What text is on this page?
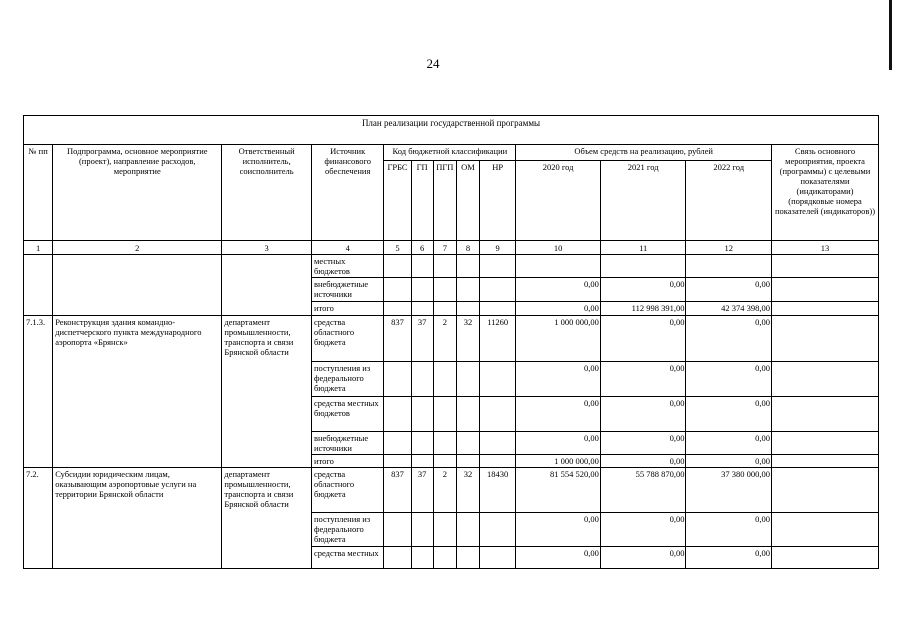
24
План реализации государственной программы												
№ пп	Подпрограмма, основное мероприятие (проект), направление расходов, мероприятие	Ответственный исполнитель, соисполнитель	Источник финансового обеспечения	Код бюджетной классификации					Объем средств на реализацию, рублей			Связь основного мероприятия, проекта (программы) с целевыми показателями (индикаторами) (порядковые номера показателей (индикаторов))
				ГРБС	ГП	ПГП	ОМ	НР	2020 год	2021 год	2022 год	
1	2	3	4	5	6	7	8	9	10	11	12	13
			местных бюджетов									
			внебюджетные источники						0,00	0,00	0,00	
			итого						0,00	112 998 391,00	42 374 398,00	
7.1.3.	Реконструкция здания командно-диспетчерского пункта международного аэропорта «Брянск»	департамент промышленности, транспорта и связи Брянской области	средства областного бюджета	837	37	2	32	11260	1 000 000,00	0,00	0,00	
			поступления из федерального бюджета						0,00	0,00	0,00	
			средства местных бюджетов						0,00	0,00	0,00	
			внебюджетные источники						0,00	0,00	0,00	
			итого						1 000 000,00	0,00	0,00	
7.2.	Субсидии юридическим лицам, оказывающим аэропортовые услуги на территории Брянской области	департамент промышленности, транспорта и связи Брянской области	средства областного бюджета	837	37	2	32	18430	81 554 520,00	55 788 870,00	37 380 000,00	
			поступления из федерального бюджета						0,00	0,00	0,00	
			средства местных						0,00	0,00	0,00	
